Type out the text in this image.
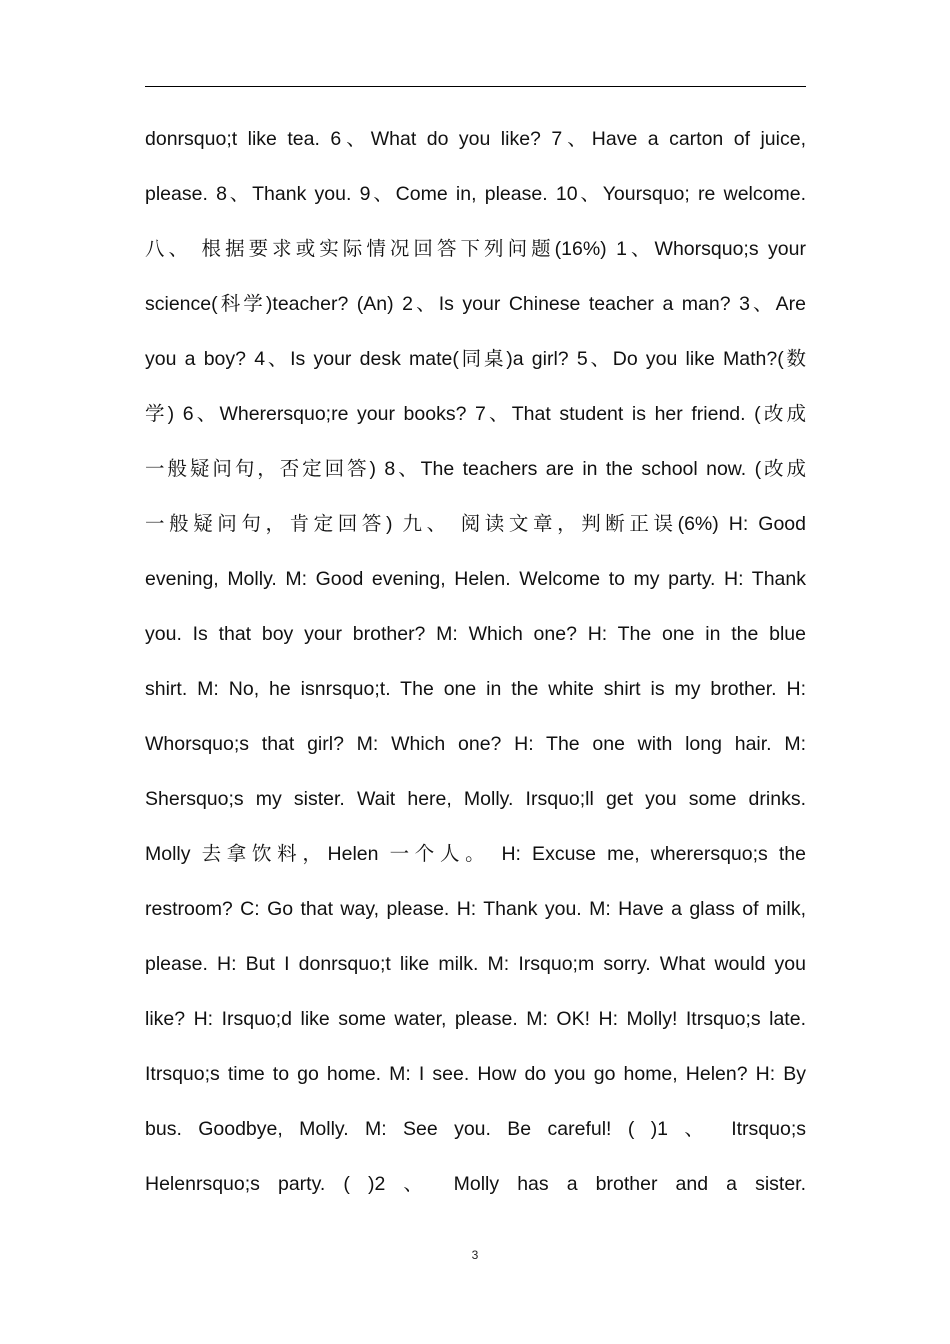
donrsquo;t like tea. 6、What do you like? 7、Have a carton of juice,
please. 8、Thank you. 9、Come in, please. 10、Yoursquo; re welcome.
八、 根据要求或实际情况回答下列问题(16%) 1、Whorsquo;s your
science(科学)teacher? (An) 2、Is your Chinese teacher a man? 3、Are
you a boy? 4、Is your desk mate(同桌)a girl? 5、Do you like Math?(数
学) 6、Wherersquo;re your books? 7、That student is her friend. (改成
一般疑问句，否定回答) 8、The teachers are in the school now. (改成
一般疑问句，肯定回答) 九、 阅读文章，判断正误(6%) H: Good
evening, Molly. M: Good evening, Helen. Welcome to my party. H: Thank
you. Is that boy your brother? M: Which one? H: The one in the blue
shirt. M: No, he isnrsquo;t. The one in the white shirt is my brother. H:
Whorsquo;s that girl? M: Which one? H: The one with long hair. M:
Shersquo;s my sister. Wait here, Molly. Irsquo;ll get you some drinks.
Molly 去拿饮料，Helen 一个人。 H: Excuse me, wherersquo;s the
restroom? C: Go that way, please. H: Thank you. M: Have a glass of milk,
please. H: But I donrsquo;t like milk. M: Irsquo;m sorry. What would you
like? H: Irsquo;d like some water, please. M: OK! H: Molly! Itrsquo;s late.
Itrsquo;s time to go home. M: I see. How do you go home, Helen? H: By
bus. Goodbye, Molly. M: See you. Be careful! ( )1 、 Itrsquo;s
Helenrsquo;s party. ( )2 、 Molly has a brother and a sister.
3
